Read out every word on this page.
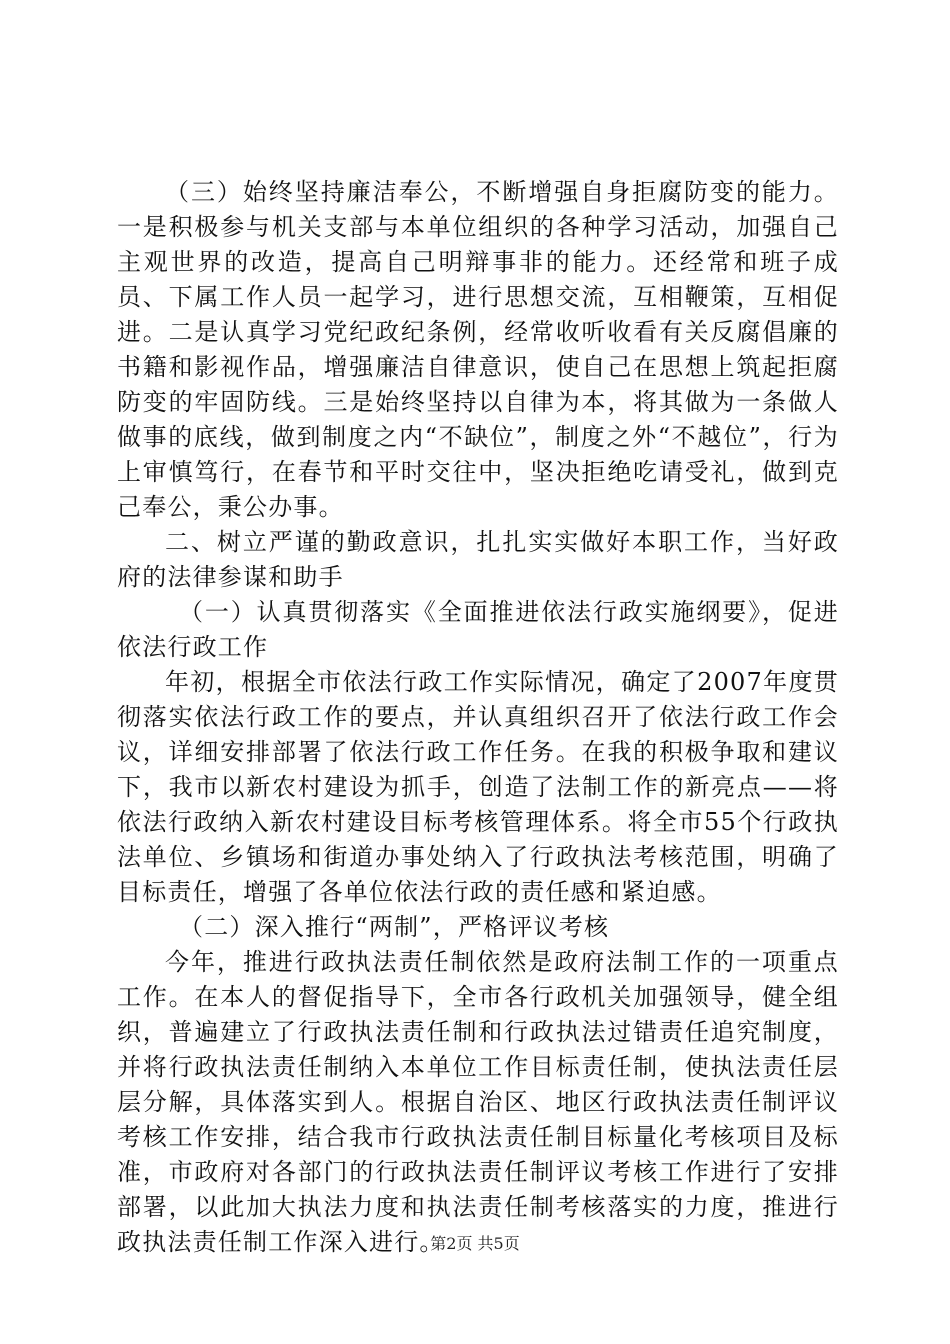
（三）始终坚持廉洁奉公，不断增强自身拒腐防变的能力。一是积极参与机关支部与本单位组织的各种学习活动，加强自己主观世界的改造，提高自己明辩事非的能力。还经常和班子成员、下属工作人员一起学习，进行思想交流，互相鞭策，互相促进。二是认真学习党纪政纪条例，经常收听收看有关反腐倡廉的书籍和影视作品，增强廉洁自律意识，使自己在思想上筑起拒腐防变的牢固防线。三是始终坚持以自律为本，将其做为一条做人做事的底线，做到制度之内“不缺位”，制度之外“不越位”，行为上审慎笃行，在春节和平时交往中，坚决拒绝吃请受礼，做到克己奉公，秉公办事。

二、树立严谨的勤政意识，扎扎实实做好本职工作，当好政府的法律参谋和助手

（一）认真贯彻落实《全面推进依法行政实施纲要》，促进依法行政工作

年初，根据全市依法行政工作实际情况，确定了2007年度贯彻落实依法行政工作的要点，并认真组织召开了依法行政工作会议，详细安排部署了依法行政工作任务。在我的积极争取和建议下，我市以新农村建设为抓手，创造了法制工作的新亮点——将依法行政纳入新农村建设目标考核管理体系。将全市55个行政执法单位、乡镇场和街道办事处纳入了行政执法考核范围，明确了目标责任，增强了各单位依法行政的责任感和紧迫感。

（二）深入推行“两制”，严格评议考核

今年，推进行政执法责任制依然是政府法制工作的一项重点工作。在本人的督促指导下，全市各行政机关加强领导，健全组织，普遍建立了行政执法责任制和行政执法过错责任追究制度，并将行政执法责任制纳入本单位工作目标责任制，使执法责任层层分解，具体落实到人。根据自治区、地区行政执法责任制评议考核工作安排，结合我市行政执法责任制目标量化考核项目及标准，市政府对各部门的行政执法责任制评议考核工作进行了安排部署，以此加大执法力度和执法责任制考核落实的力度，推进行政执法责任制工作深入进行。

第2页 共5页
